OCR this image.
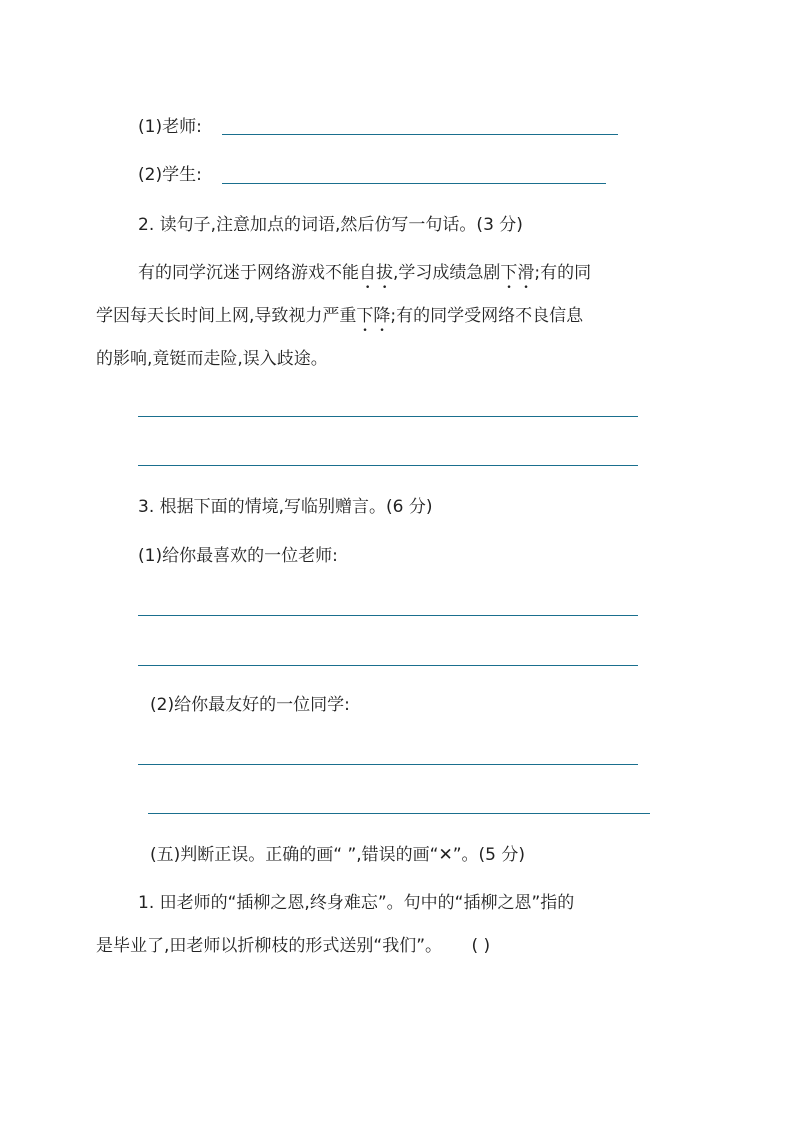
(1)老师:
(2)学生:
2. 读句子,注意加点的词语,然后仿写一句话。(3 分)
有的同学沉迷于网络游戏不能自拔,学习成绩急剧下滑;有的同
学因每天长时间上网,导致视力严重下降;有的同学受网络不良信息
的影响,竟铤而走险,误入歧途。
3. 根据下面的情境,写临别赠言。(6 分)
(1)给你最喜欢的一位老师:
(2)给你最友好的一位同学:
(五)判断正误。正确的画“ ”,错误的画“✕”。(5 分)
1. 田老师的“插柳之恩,终身难忘”。句中的“插柳之恩”指的
是毕业了,田老师以折柳枝的形式送别“我们”。 ( )
